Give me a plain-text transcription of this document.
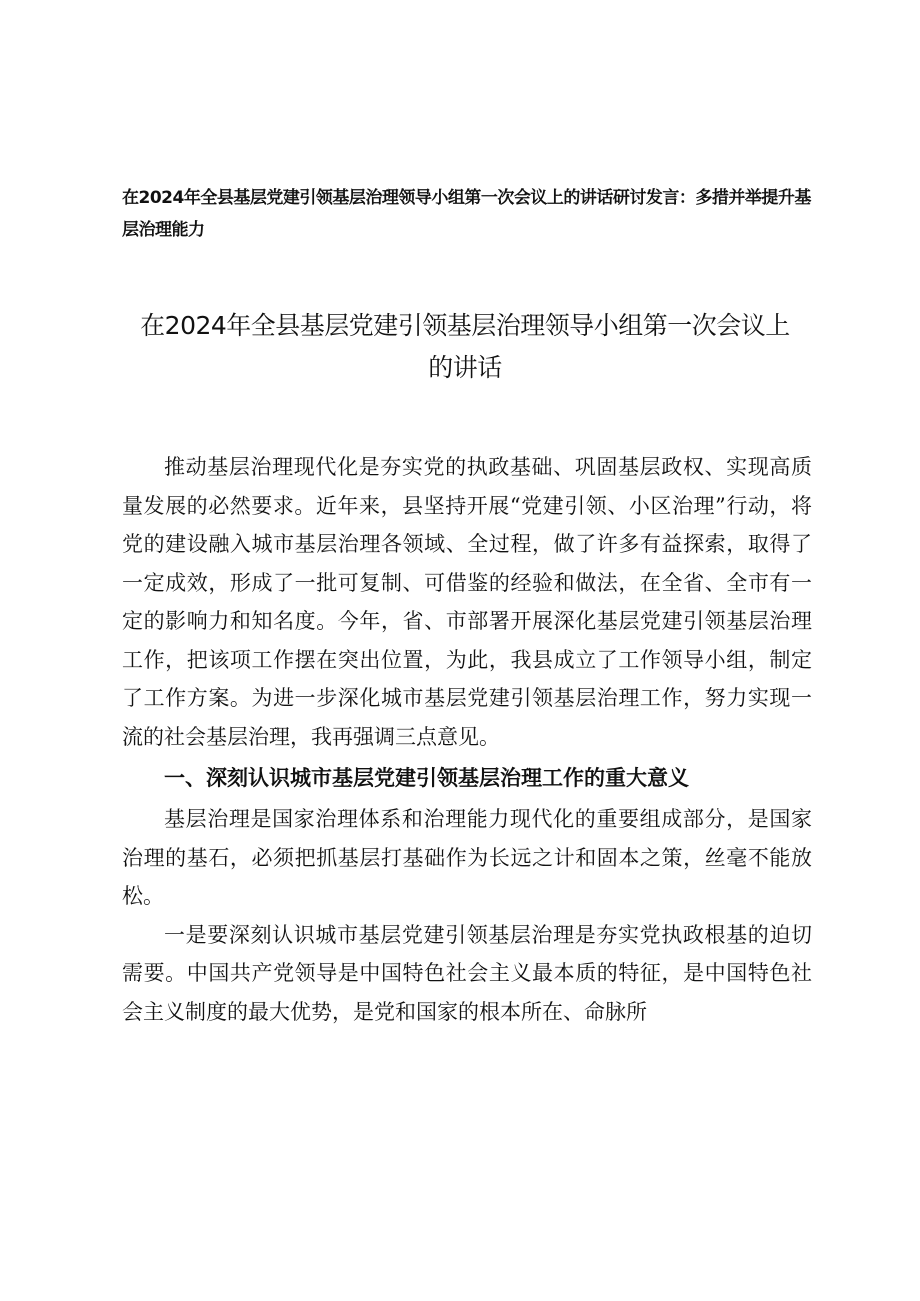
在2024年全县基层党建引领基层治理领导小组第一次会议上的讲话研讨发言：多措并举提升基层治理能力

在2024年全县基层党建引领基层治理领导小组第一次会议上的讲话

推动基层治理现代化是夯实党的执政基础、巩固基层政权、实现高质量发展的必然要求。近年来，县坚持开展“党建引领、小区治理”行动，将党的建设融入城市基层治理各领域、全过程，做了许多有益探索，取得了一定成效，形成了一批可复制、可借鉴的经验和做法，在全省、全市有一定的影响力和知名度。今年，省、市部署开展深化基层党建引领基层治理工作，把该项工作摆在突出位置，为此，我县成立了工作领导小组，制定了工作方案。为进一步深化城市基层党建引领基层治理工作，努力实现一流的社会基层治理，我再强调三点意见。

一、深刻认识城市基层党建引领基层治理工作的重大意义

基层治理是国家治理体系和治理能力现代化的重要组成部分，是国家治理的基石，必须把抓基层打基础作为长远之计和固本之策，丝毫不能放松。

一是要深刻认识城市基层党建引领基层治理是夯实党执政根基的迫切需要。中国共产党领导是中国特色社会主义最本质的特征，是中国特色社会主义制度的最大优势，是党和国家的根本所在、命脉所
